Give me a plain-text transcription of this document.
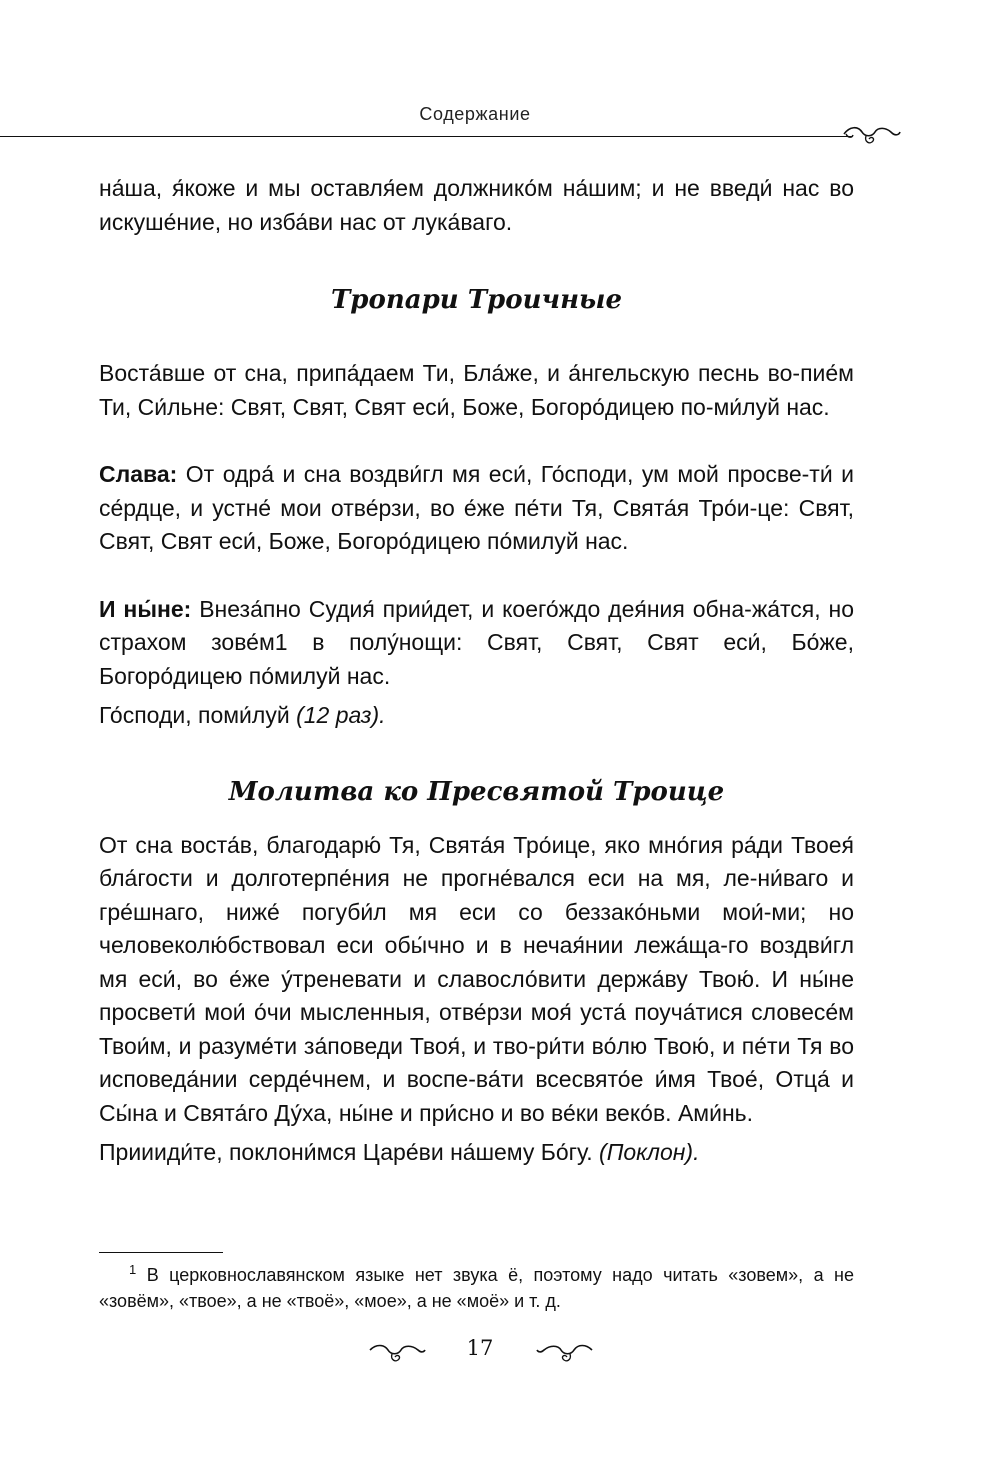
Содержание

на́ша, я́коже и мы оставля́ем должнико́м на́шим; и не введи́ нас во искуше́ние, но изба́ви нас от лука́ваго.

Тропари Троичные

Воста́вше от сна, припа́даем Ти, Бла́же, и а́нгельскую песнь во-пие́м Ти, Си́льне: Свят, Свят, Свят еси́, Боже, Богоро́дицею по-ми́луй нас.

Слава: От одра́ и сна воздви́гл мя еси́, Го́споди, ум мой просве-ти́ и се́рдце, и устне́ мои отве́рзи, во е́же пе́ти Тя, Свята́я Тро́и-це: Свят, Свят, Свят еси́, Боже, Богоро́дицею по́милуй нас.

И ны́не: Внеза́пно Судия́ прии́дет, и коего́ждо дея́ния обна-жа́тся, но страхом зове́м1 в полу́нощи: Свят, Свят, Свят еси́, Бо́же, Богоро́дицею по́милуй нас.

Го́споди, поми́луй (12 раз).

Молитва ко Пресвятой Троице

От сна воста́в, благодарю́ Тя, Свята́я Тро́ице, яко мно́гия ра́ди Твоея́ бла́гости и долготерпе́ния не прогне́вался еси на мя, ле-ни́ваго и гре́шнаго, ниже́ погуби́л мя еси со беззако́ньми мои́-ми; но человеколю́бствовал еси обы́чно и в нечая́нии лежа́ща-го воздви́гл мя еси́, во е́же у́треневати и славосло́вити держа́ву Твою́. И ны́не просвети́ мои́ о́чи мысленныя, отве́рзи моя́ уста́ поуча́тися словесе́м Твои́м, и разуме́ти за́поведи Твоя́, и тво-ри́ти во́лю Твою́, и пе́ти Тя во исповеда́нии серде́чнем, и воспе-ва́ти всесвято́е и́мя Твое́, Отца́ и Сы́на и Свята́го Ду́ха, ны́не и при́сно и во ве́ки веко́в. Ами́нь.

Приииди́те, поклони́мся Царе́ви на́шему Бо́гу. (Поклон).

$^1$ В церковнославянском языке нет звука ё, поэтому надо читать «зовем», а не «зовём», «твое», а не «твоё», «мое», а не «моё» и т. д.

17
